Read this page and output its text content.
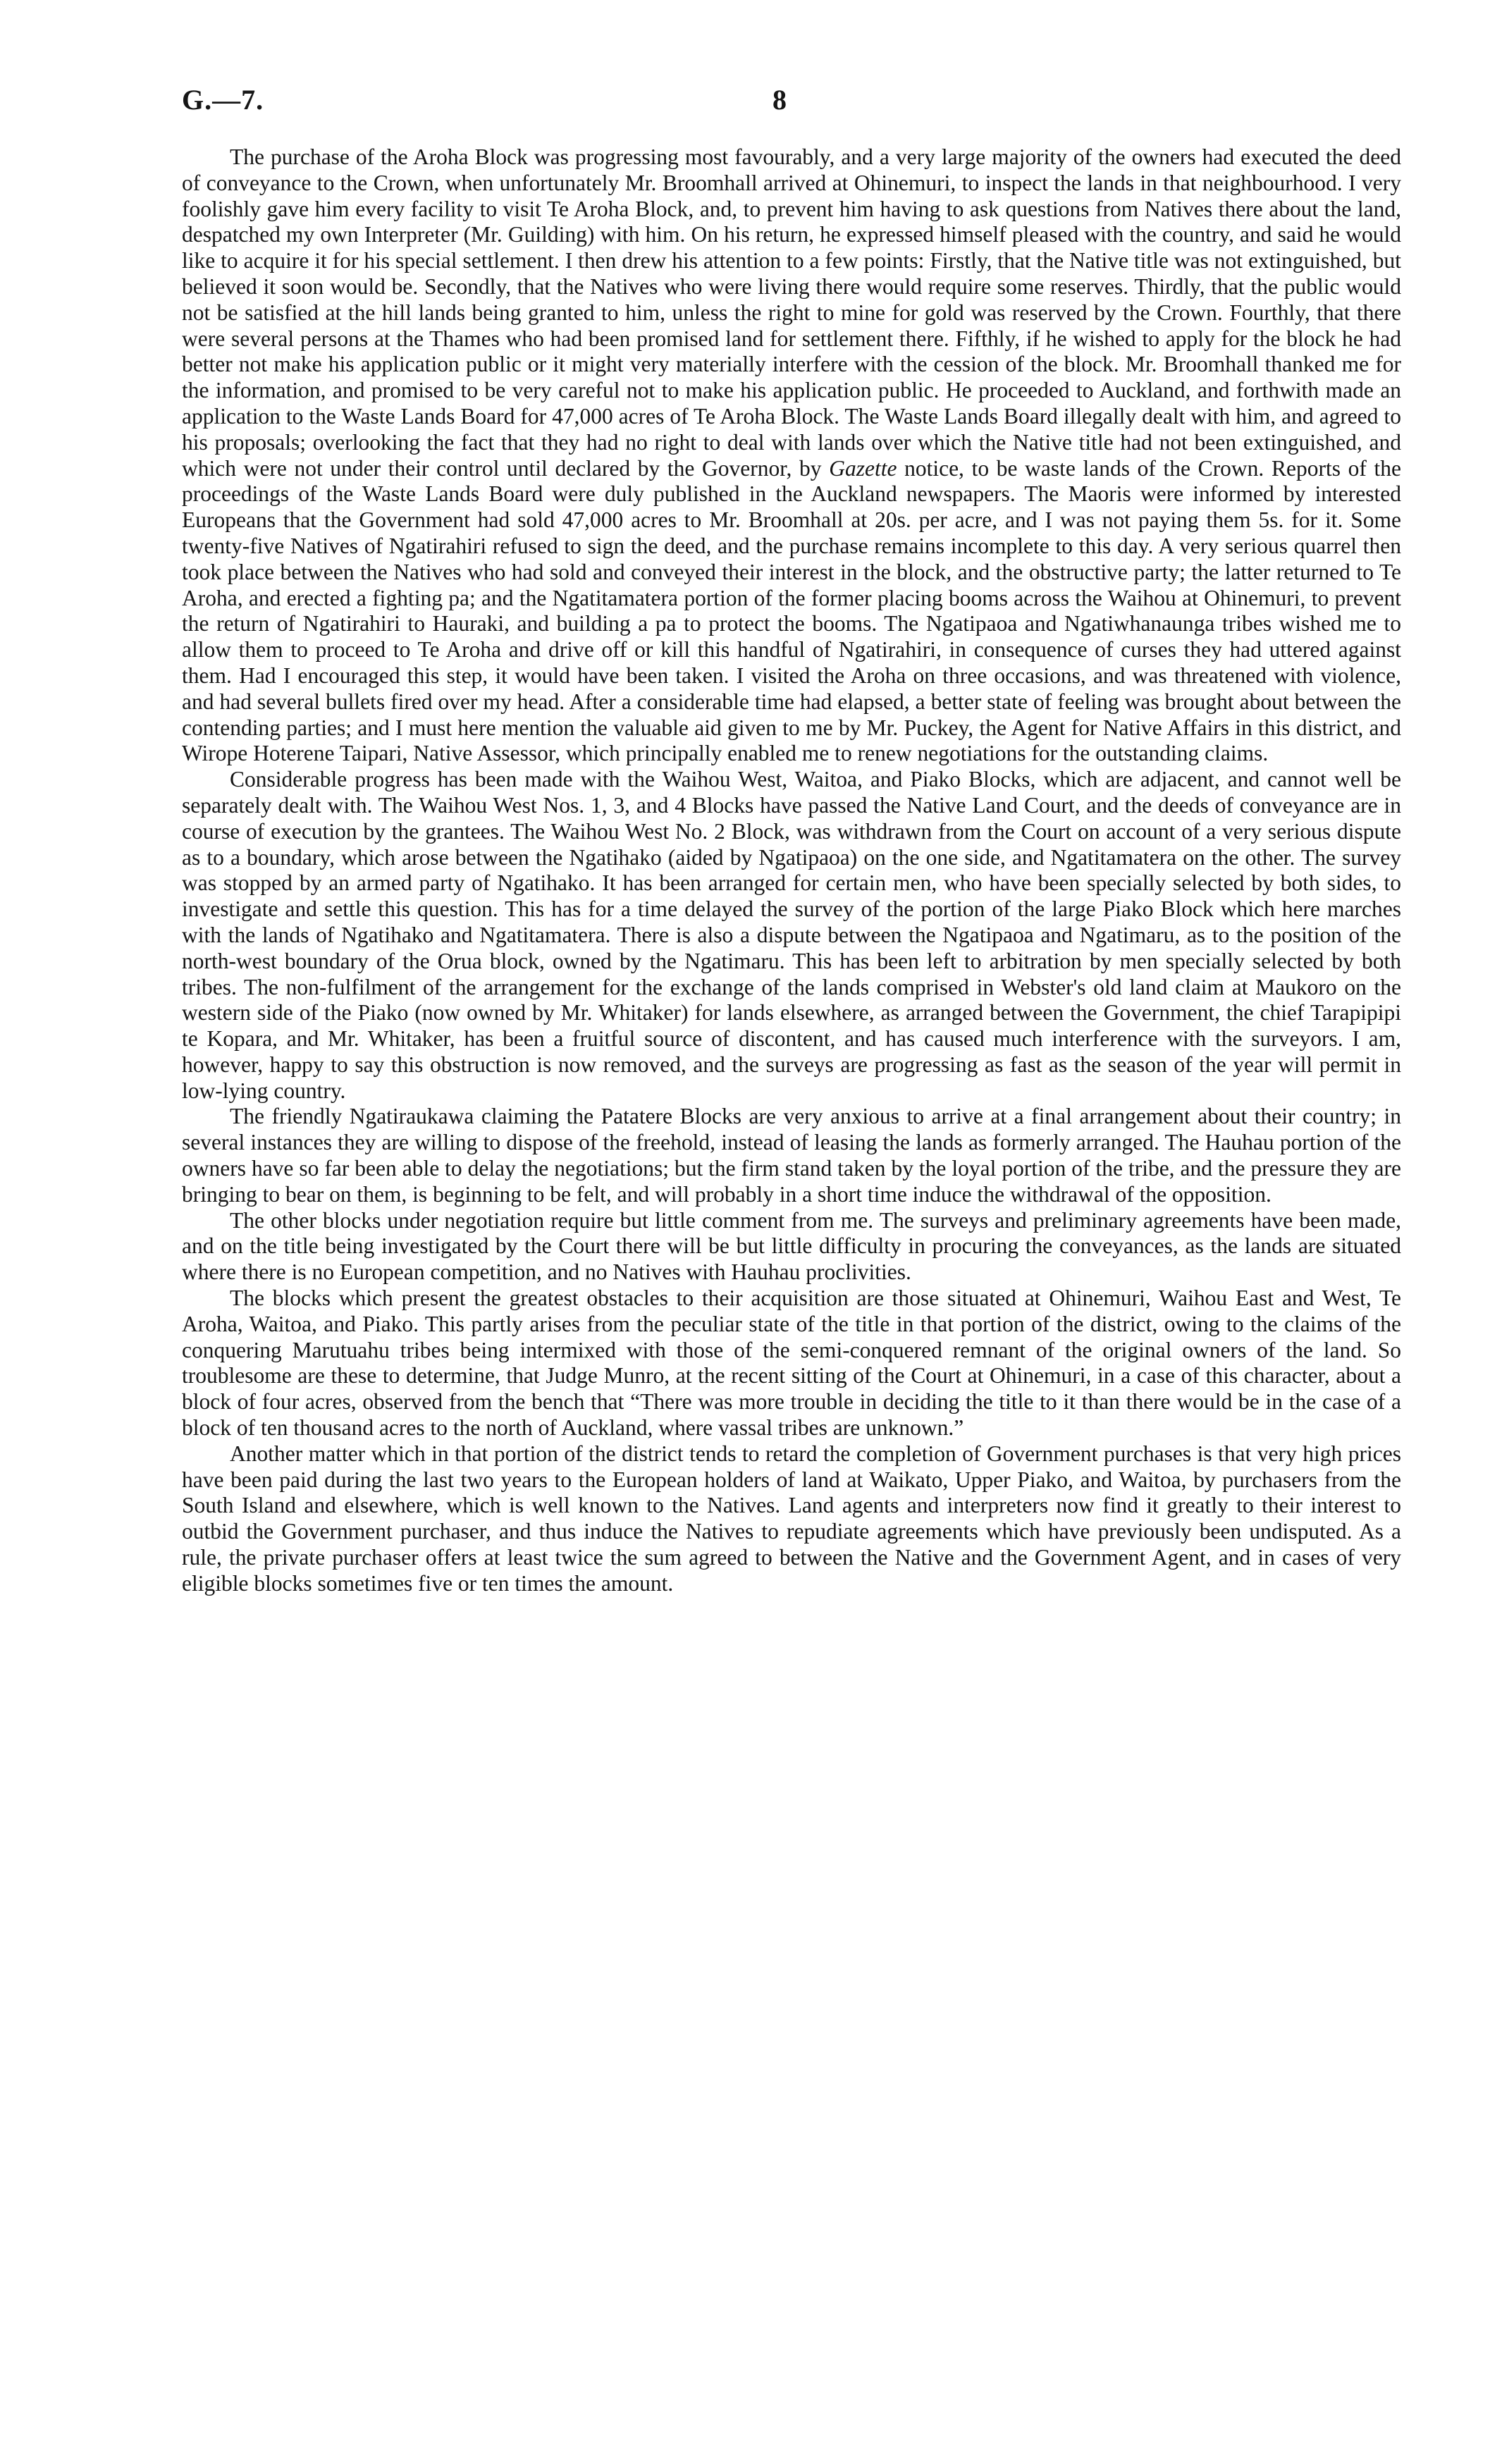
G.—7.	8

The purchase of the Aroha Block was progressing most favourably, and a very large majority of the owners had executed the deed of conveyance to the Crown, when unfortunately Mr. Broomhall arrived at Ohinemuri, to inspect the lands in that neighbourhood. I very foolishly gave him every facility to visit Te Aroha Block, and, to prevent him having to ask questions from Natives there about the land, despatched my own Interpreter (Mr. Guilding) with him. On his return, he expressed himself pleased with the country, and said he would like to acquire it for his special settlement. I then drew his attention to a few points: Firstly, that the Native title was not extinguished, but believed it soon would be. Secondly, that the Natives who were living there would require some reserves. Thirdly, that the public would not be satisfied at the hill lands being granted to him, unless the right to mine for gold was reserved by the Crown. Fourthly, that there were several persons at the Thames who had been promised land for settlement there. Fifthly, if he wished to apply for the block he had better not make his application public or it might very materially interfere with the cession of the block. Mr. Broomhall thanked me for the information, and promised to be very careful not to make his application public. He proceeded to Auckland, and forthwith made an application to the Waste Lands Board for 47,000 acres of Te Aroha Block. The Waste Lands Board illegally dealt with him, and agreed to his proposals; overlooking the fact that they had no right to deal with lands over which the Native title had not been extinguished, and which were not under their control until declared by the Governor, by Gazette notice, to be waste lands of the Crown. Reports of the proceedings of the Waste Lands Board were duly published in the Auckland newspapers. The Maoris were informed by interested Europeans that the Government had sold 47,000 acres to Mr. Broomhall at 20s. per acre, and I was not paying them 5s. for it. Some twenty-five Natives of Ngatirahiri refused to sign the deed, and the purchase remains incomplete to this day. A very serious quarrel then took place between the Natives who had sold and conveyed their interest in the block, and the obstructive party; the latter returned to Te Aroha, and erected a fighting pa; and the Ngatitamatera portion of the former placing booms across the Waihou at Ohinemuri, to prevent the return of Ngatirahiri to Hauraki, and building a pa to protect the booms. The Ngatipaoa and Ngatiwhanaunga tribes wished me to allow them to proceed to Te Aroha and drive off or kill this handful of Ngatirahiri, in consequence of curses they had uttered against them. Had I encouraged this step, it would have been taken. I visited the Aroha on three occasions, and was threatened with violence, and had several bullets fired over my head. After a considerable time had elapsed, a better state of feeling was brought about between the contending parties; and I must here mention the valuable aid given to me by Mr. Puckey, the Agent for Native Affairs in this district, and Wirope Hoterene Taipari, Native Assessor, which principally enabled me to renew negotiations for the outstanding claims.

Considerable progress has been made with the Waihou West, Waitoa, and Piako Blocks, which are adjacent, and cannot well be separately dealt with. The Waihou West Nos. 1, 3, and 4 Blocks have passed the Native Land Court, and the deeds of conveyance are in course of execution by the grantees. The Waihou West No. 2 Block, was withdrawn from the Court on account of a very serious dispute as to a boundary, which arose between the Ngatihako (aided by Ngatipaoa) on the one side, and Ngatitamatera on the other. The survey was stopped by an armed party of Ngatihako. It has been arranged for certain men, who have been specially selected by both sides, to investigate and settle this question. This has for a time delayed the survey of the portion of the large Piako Block which here marches with the lands of Ngatihako and Ngatitamatera. There is also a dispute between the Ngatipaoa and Ngatimaru, as to the position of the north-west boundary of the Orua block, owned by the Ngatimaru. This has been left to arbitration by men specially selected by both tribes. The non-fulfilment of the arrangement for the exchange of the lands comprised in Webster's old land claim at Maukoro on the western side of the Piako (now owned by Mr. Whitaker) for lands elsewhere, as arranged between the Government, the chief Tarapipipi te Kopara, and Mr. Whitaker, has been a fruitful source of discontent, and has caused much interference with the surveyors. I am, however, happy to say this obstruction is now removed, and the surveys are progressing as fast as the season of the year will permit in low-lying country.

The friendly Ngatiraukawa claiming the Patatere Blocks are very anxious to arrive at a final arrangement about their country; in several instances they are willing to dispose of the freehold, instead of leasing the lands as formerly arranged. The Hauhau portion of the owners have so far been able to delay the negotiations; but the firm stand taken by the loyal portion of the tribe, and the pressure they are bringing to bear on them, is beginning to be felt, and will probably in a short time induce the withdrawal of the opposition.

The other blocks under negotiation require but little comment from me. The surveys and preliminary agreements have been made, and on the title being investigated by the Court there will be but little difficulty in procuring the conveyances, as the lands are situated where there is no European competition, and no Natives with Hauhau proclivities.

The blocks which present the greatest obstacles to their acquisition are those situated at Ohinemuri, Waihou East and West, Te Aroha, Waitoa, and Piako. This partly arises from the peculiar state of the title in that portion of the district, owing to the claims of the conquering Marutuahu tribes being intermixed with those of the semi-conquered remnant of the original owners of the land. So troublesome are these to determine, that Judge Munro, at the recent sitting of the Court at Ohinemuri, in a case of this character, about a block of four acres, observed from the bench that “There was more trouble in deciding the title to it than there would be in the case of a block of ten thousand acres to the north of Auckland, where vassal tribes are unknown.”

Another matter which in that portion of the district tends to retard the completion of Government purchases is that very high prices have been paid during the last two years to the European holders of land at Waikato, Upper Piako, and Waitoa, by purchasers from the South Island and elsewhere, which is well known to the Natives. Land agents and interpreters now find it greatly to their interest to outbid the Government purchaser, and thus induce the Natives to repudiate agreements which have previously been undisputed. As a rule, the private purchaser offers at least twice the sum agreed to between the Native and the Government Agent, and in cases of very eligible blocks sometimes five or ten times the amount.
